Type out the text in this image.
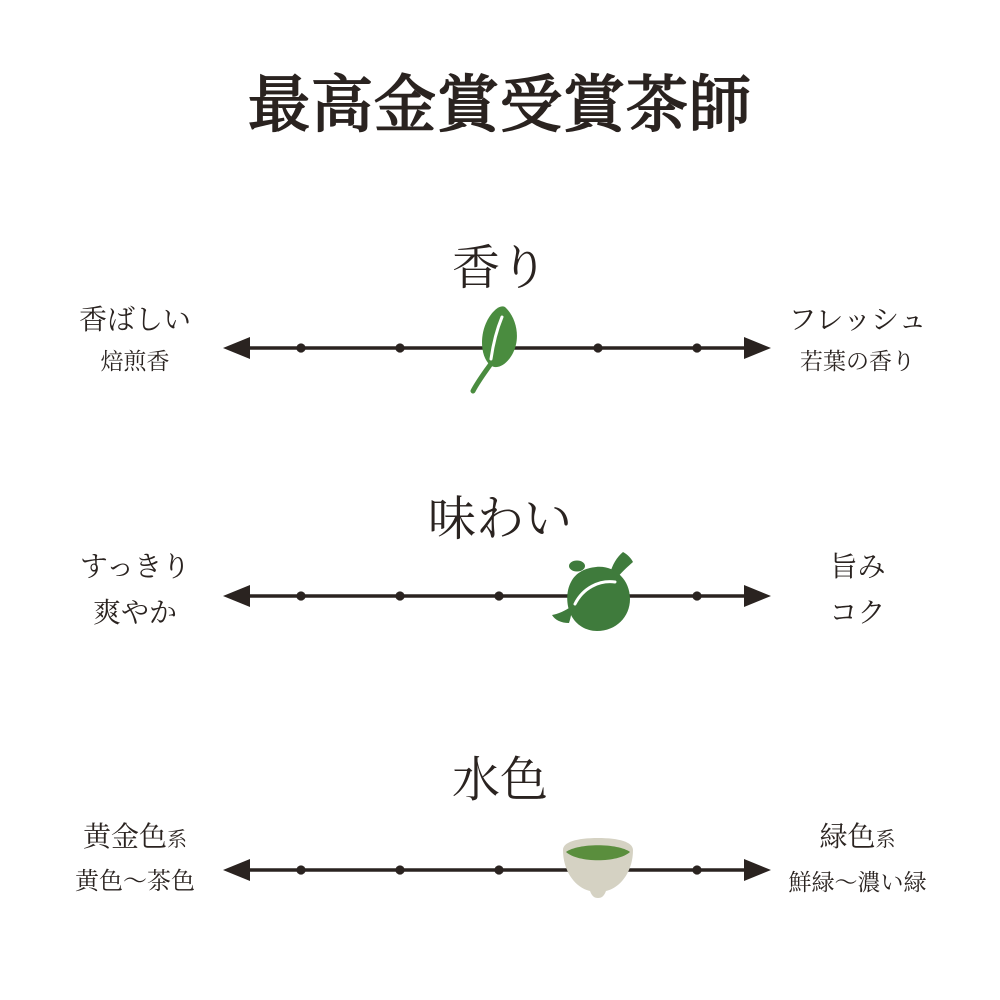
最高金賞受賞茶師
香り

香ばしい

焙煎香

フレッシュ

若葉の香り

味わい

すっきり

爽やか

旨み

コク

水色

黄金色系

黄色〜茶色

緑色系

鮮緑〜濃い緑
